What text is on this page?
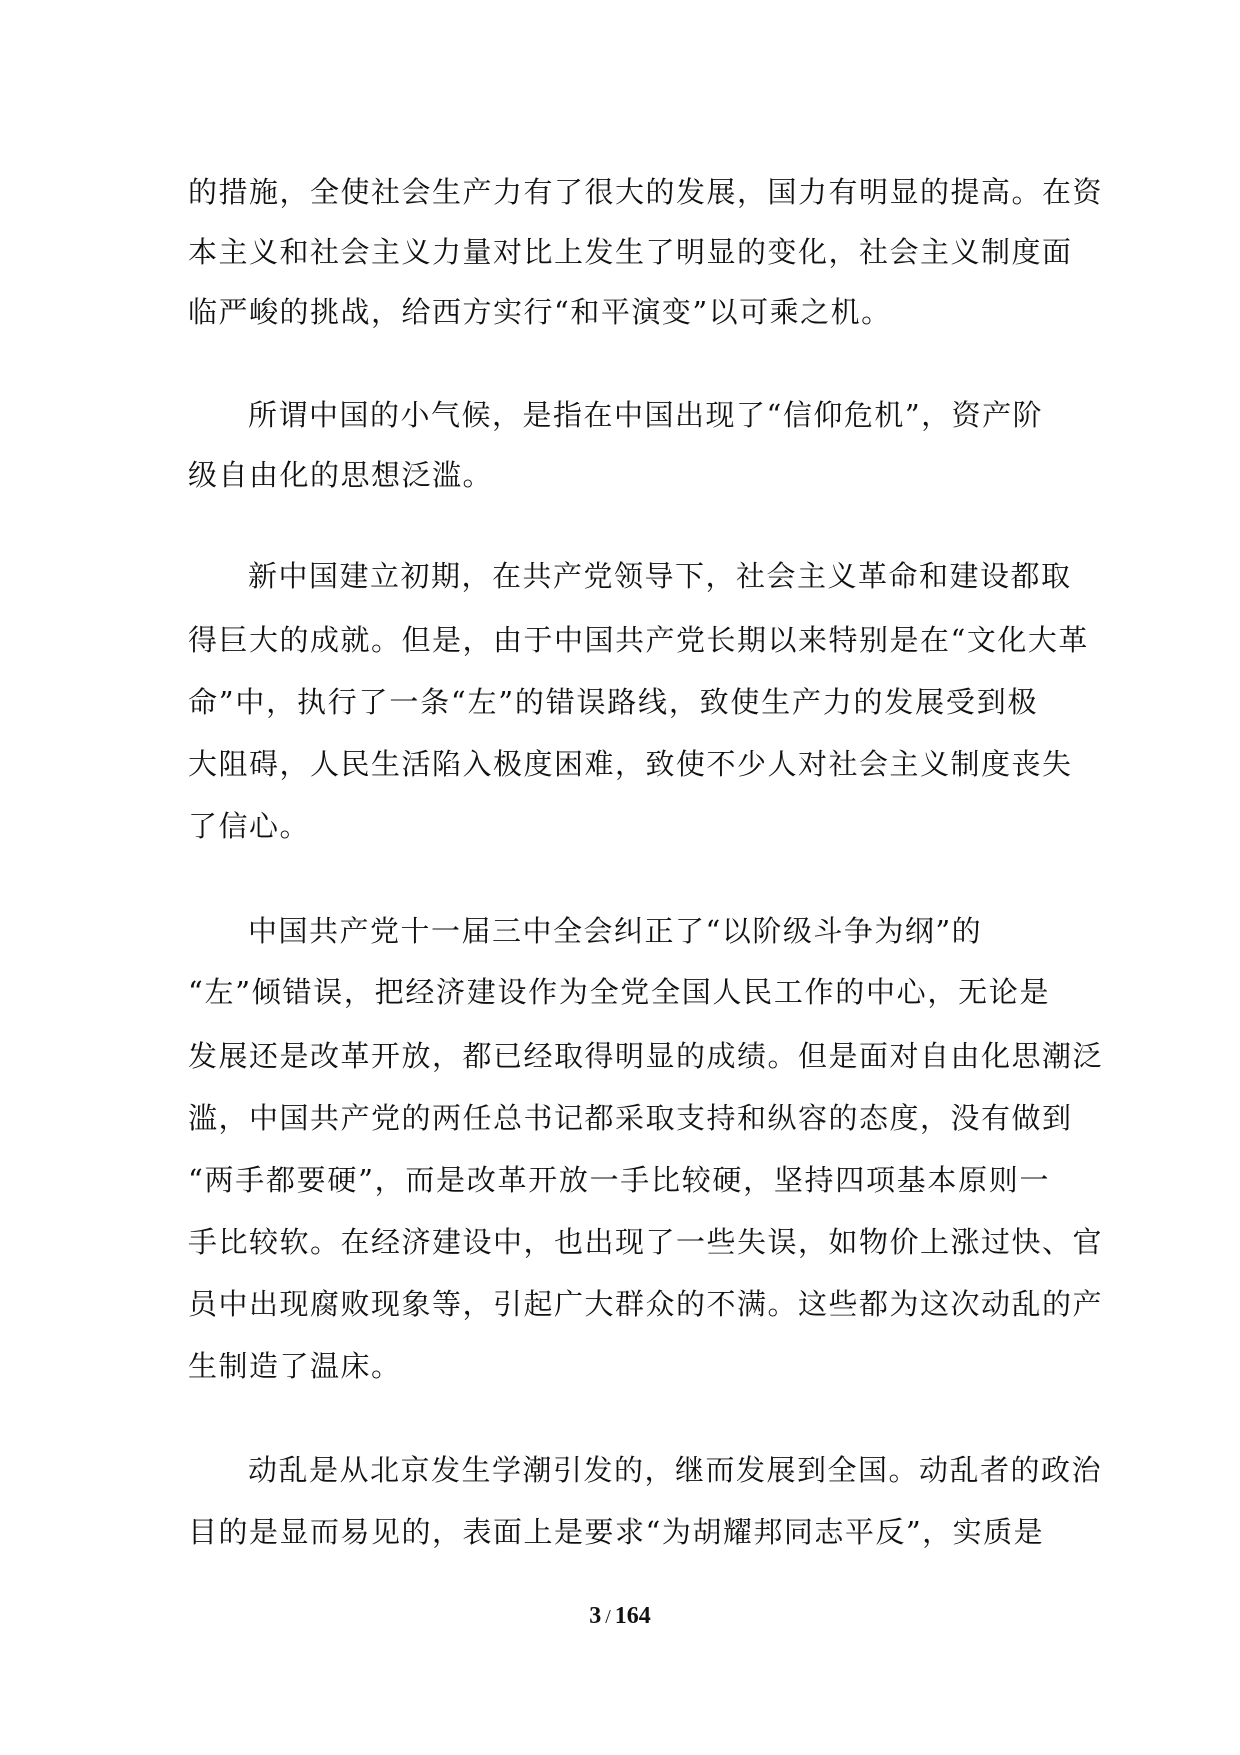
的措施，全使社会生产力有了很大的发展，国力有明显的提高。在资
本主义和社会主义力量对比上发生了明显的变化，社会主义制度面
临严峻的挑战，给西方实行“和平演变”以可乘之机。
所谓中国的小气候，是指在中国出现了“信仰危机”，资产阶
级自由化的思想泛滥。
新中国建立初期，在共产党领导下，社会主义革命和建设都取
得巨大的成就。但是，由于中国共产党长期以来特别是在“文化大革
命”中，执行了一条“左”的错误路线，致使生产力的发展受到极
大阻碍，人民生活陷入极度困难，致使不少人对社会主义制度丧失
了信心。
中国共产党十一届三中全会纠正了“以阶级斗争为纲”的
“左”倾错误，把经济建设作为全党全国人民工作的中心，无论是
发展还是改革开放，都已经取得明显的成绩。但是面对自由化思潮泛
滥，中国共产党的两任总书记都采取支持和纵容的态度，没有做到
“两手都要硬”，而是改革开放一手比较硬，坚持四项基本原则一
手比较软。在经济建设中，也出现了一些失误，如物价上涨过快、官
员中出现腐败现象等，引起广大群众的不满。这些都为这次动乱的产
生制造了温床。
动乱是从北京发生学潮引发的，继而发展到全国。动乱者的政治
目的是显而易见的，表面上是要求“为胡耀邦同志平反”，实质是
3 / 164
